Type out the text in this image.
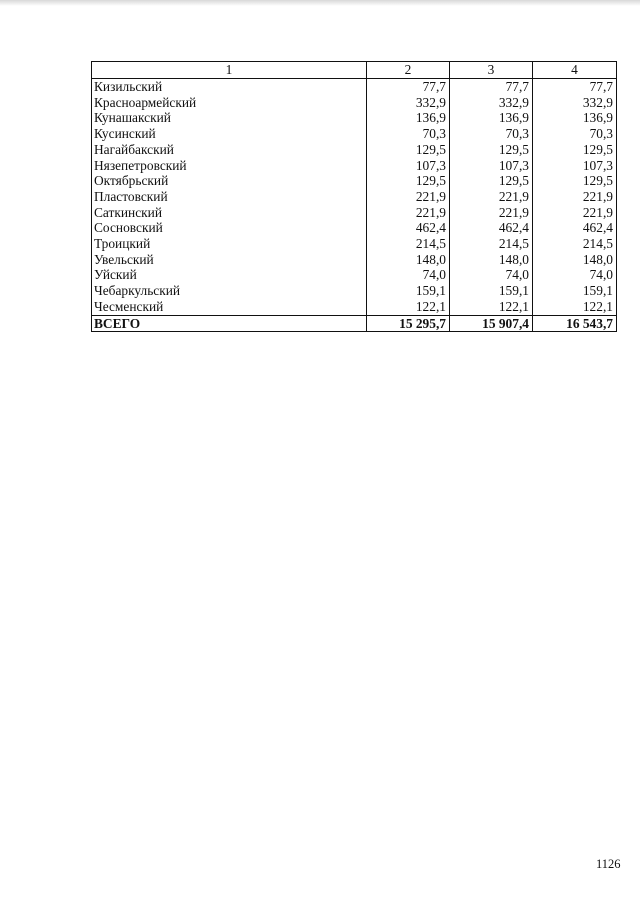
1	2	3	4
Кизильский	77,7	77,7	77,7
Красноармейский	332,9	332,9	332,9
Кунашакский	136,9	136,9	136,9
Кусинский	70,3	70,3	70,3
Нагайбакский	129,5	129,5	129,5
Нязепетровский	107,3	107,3	107,3
Октябрьский	129,5	129,5	129,5
Пластовский	221,9	221,9	221,9
Саткинский	221,9	221,9	221,9
Сосновский	462,4	462,4	462,4
Троицкий	214,5	214,5	214,5
Увельский	148,0	148,0	148,0
Уйский	74,0	74,0	74,0
Чебаркульский	159,1	159,1	159,1
Чесменский	122,1	122,1	122,1
ВСЕГО	15 295,7	15 907,4	16 543,7
1126
